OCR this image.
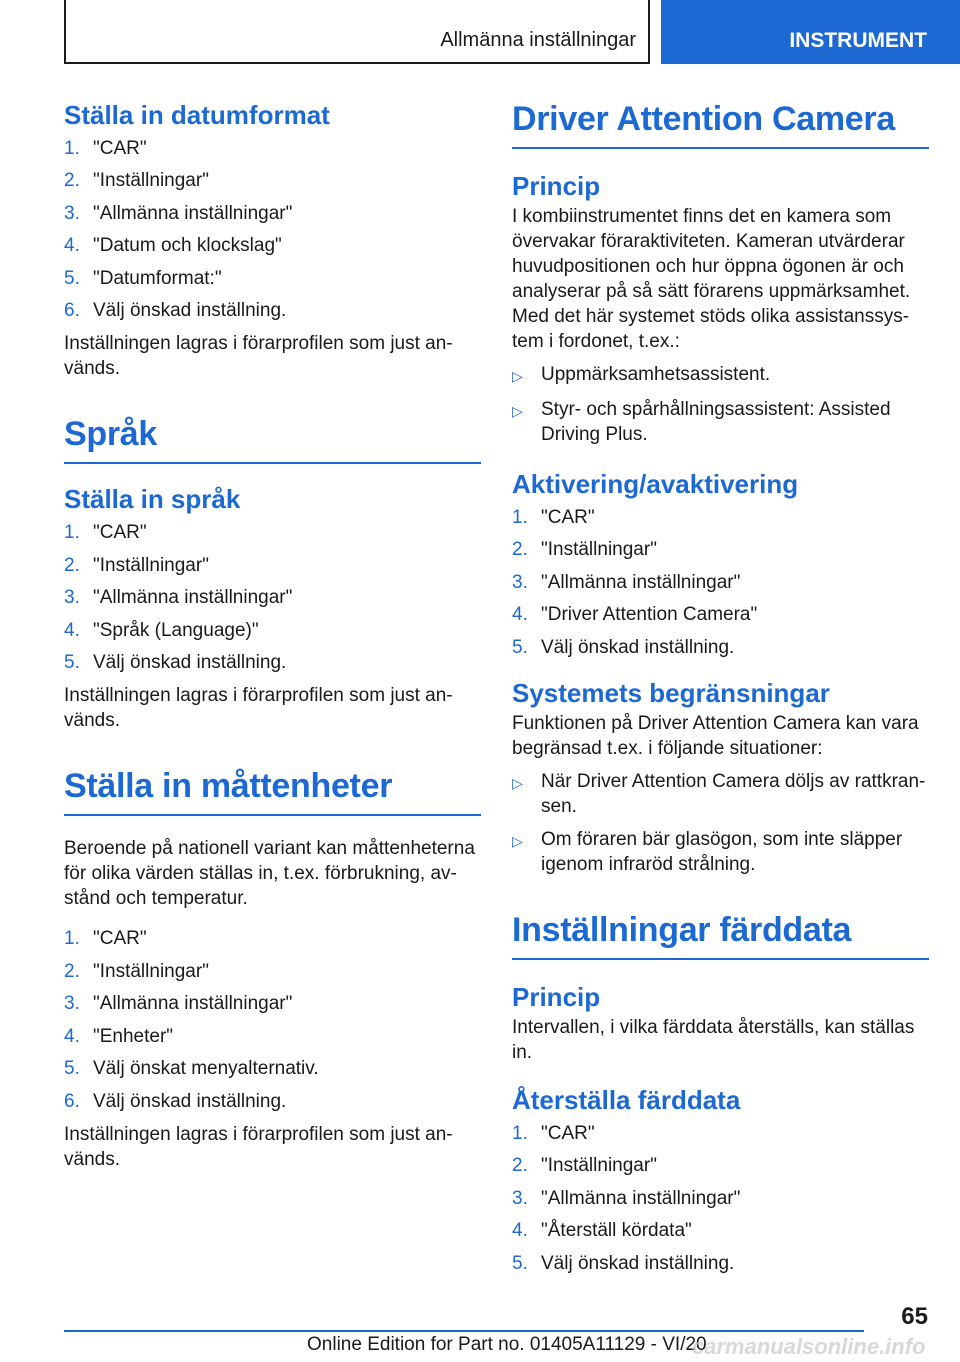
Allmänna inställningar	INSTRUMENT
Ställa in datumformat
1. "CAR"
2. "Inställningar"
3. "Allmänna inställningar"
4. "Datum och klockslag"
5. "Datumformat:"
6. Välj önskad inställning.
Inställningen lagras i förarprofilen som just an-vänds.
Språk
Ställa in språk
1. "CAR"
2. "Inställningar"
3. "Allmänna inställningar"
4. "Språk (Language)"
5. Välj önskad inställning.
Inställningen lagras i förarprofilen som just an-vänds.
Ställa in måttenheter
Beroende på nationell variant kan måttenheterna för olika värden ställas in, t.ex. förbrukning, av-stånd och temperatur.
1. "CAR"
2. "Inställningar"
3. "Allmänna inställningar"
4. "Enheter"
5. Välj önskat menyalternativ.
6. Välj önskad inställning.
Inställningen lagras i förarprofilen som just an-vänds.
Driver Attention Camera
Princip
I kombiinstrumentet finns det en kamera som övervakar föraraktiviteten. Kameran utvärderar huvudpositionen och hur öppna ögonen är och analyserar på så sätt förarens uppmärksamhet. Med det här systemet stöds olika assistanssys-tem i fordonet, t.ex.:
▷ Uppmärksamhetsassistent.
▷ Styr- och spårhållningsassistent: Assisted Driving Plus.
Aktivering/avaktivering
1. "CAR"
2. "Inställningar"
3. "Allmänna inställningar"
4. "Driver Attention Camera"
5. Välj önskad inställning.
Systemets begränsningar
Funktionen på Driver Attention Camera kan vara begränsad t.ex. i följande situationer:
▷ När Driver Attention Camera döljs av rattkran-sen.
▷ Om föraren bär glasögon, som inte släpper igenom infraröd strålning.
Inställningar färddata
Princip
Intervallen, i vilka färddata återställs, kan ställas in.
Återställa färddata
1. "CAR"
2. "Inställningar"
3. "Allmänna inställningar"
4. "Återställ kördata"
5. Välj önskad inställning.
65
Online Edition for Part no. 01405A11129 - VI/20
carmanualsonline.info
